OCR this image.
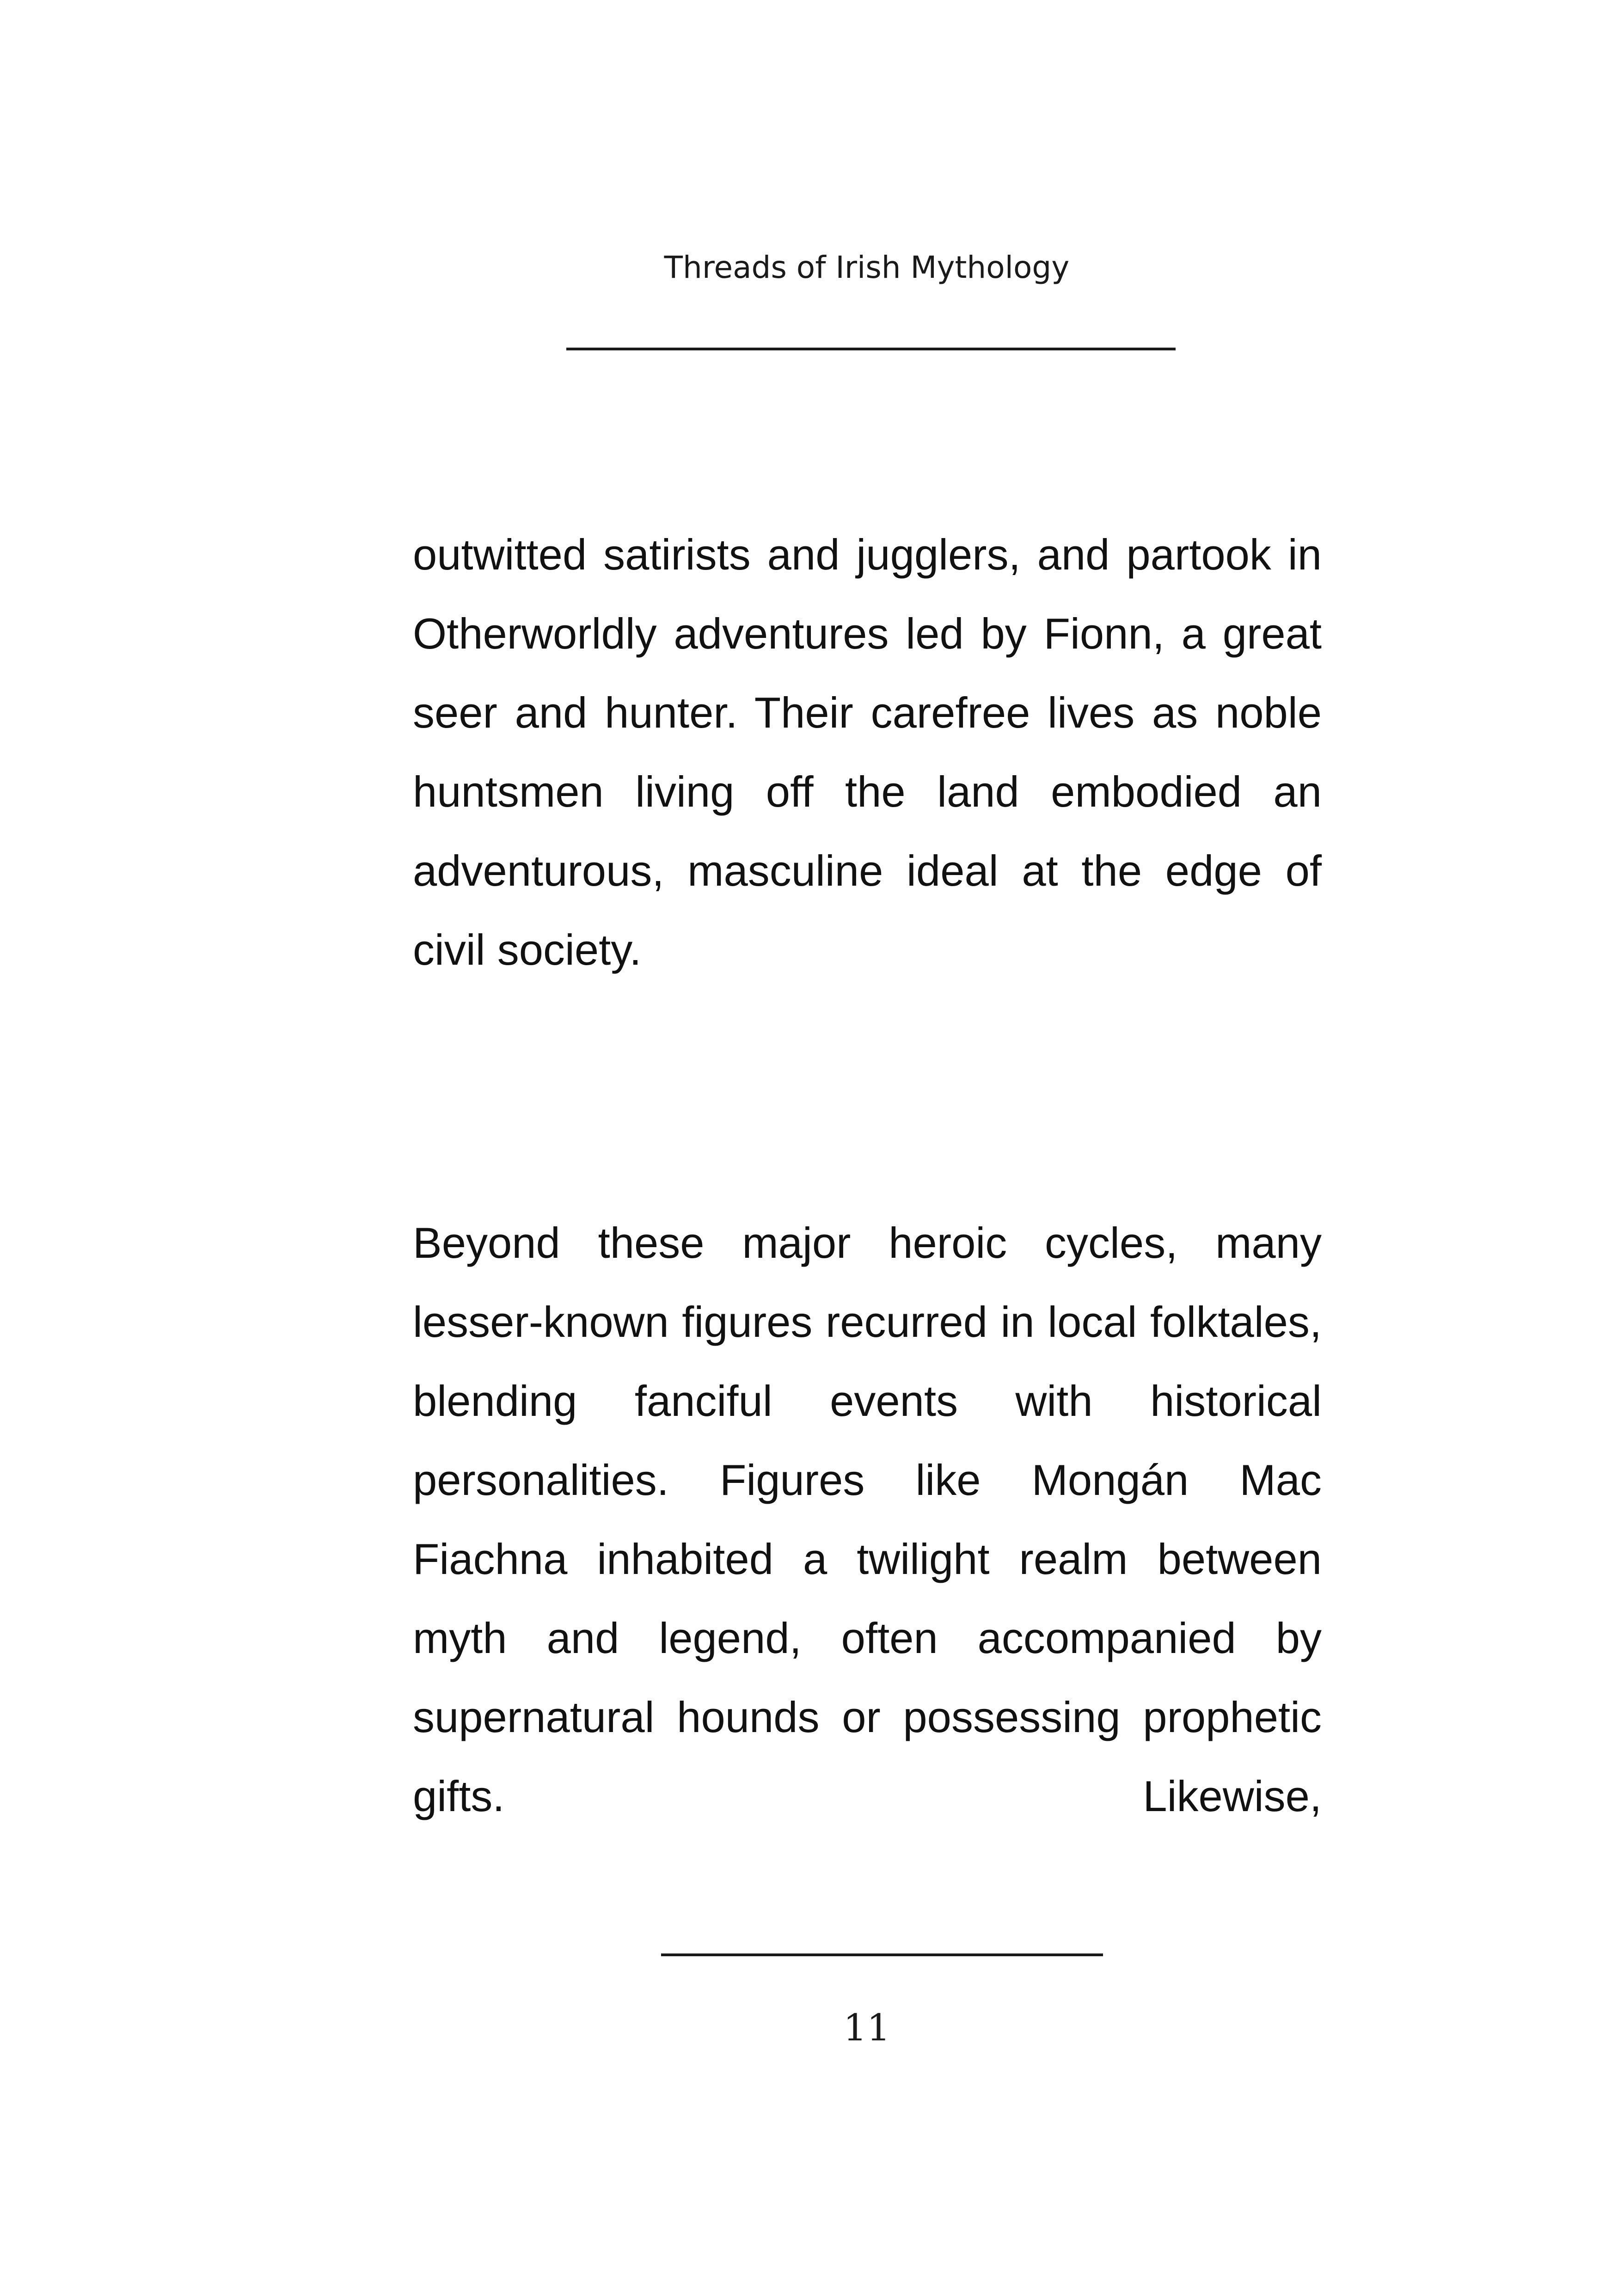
Threads of Irish Mythology

outwitted satirists and jugglers, and partook in Otherworldly adventures led by Fionn, a great seer and hunter. Their carefree lives as noble huntsmen living off the land embodied an adventurous, masculine ideal at the edge of civil society.

Beyond these major heroic cycles, many lesser-known figures recurred in local folktales, blending fanciful events with historical personalities. Figures like Mongán Mac Fiachna inhabited a twilight realm between myth and legend, often accompanied by supernatural hounds or possessing prophetic gifts. Likewise,

11
